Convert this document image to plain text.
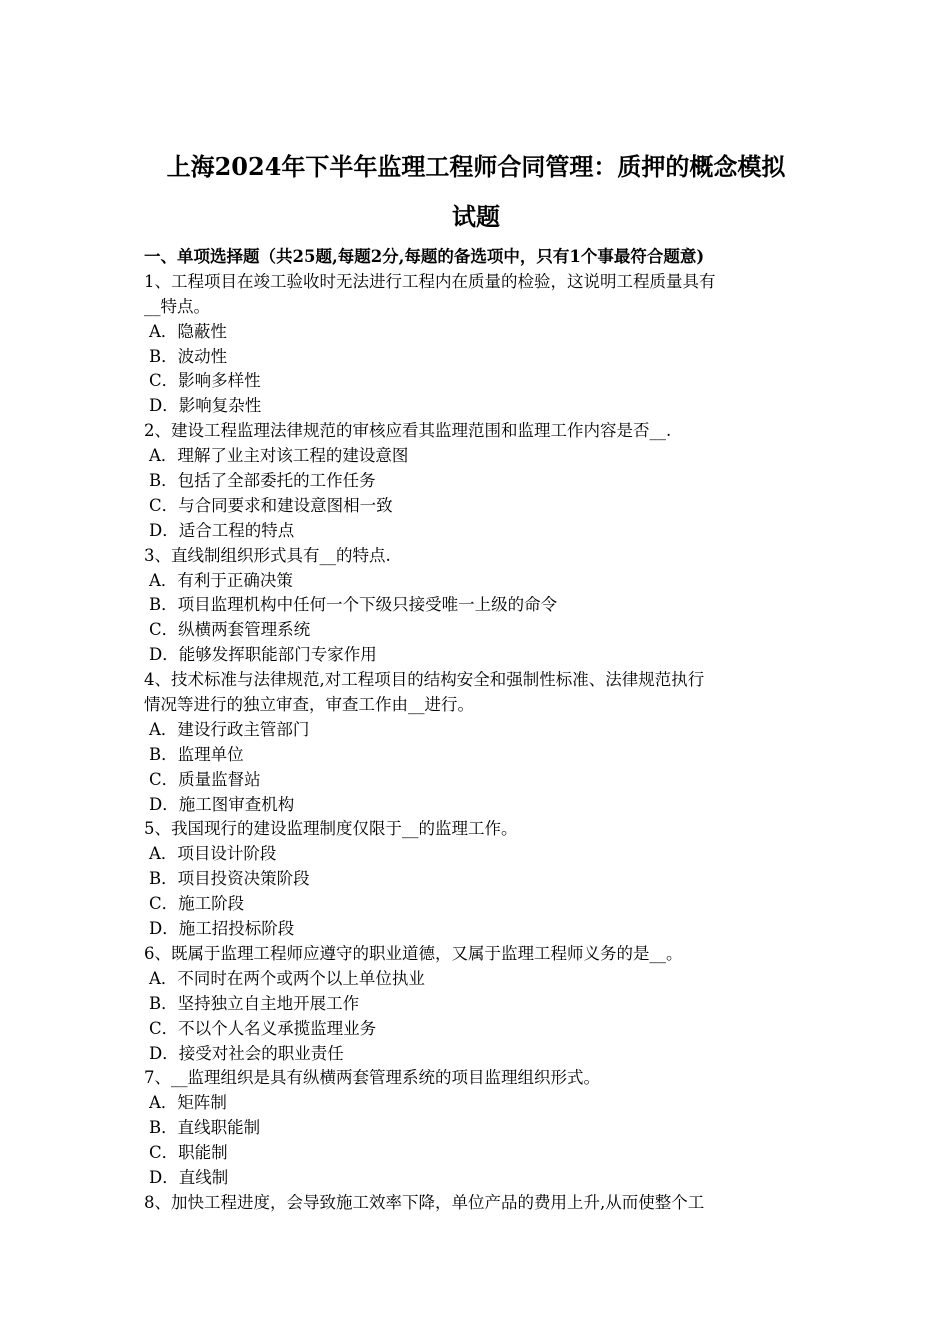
上海2024年下半年监理工程师合同管理：质押的概念模拟
试题
一、单项选择题（共25题,每题2分,每题的备选项中，只有1个事最符合题意)
1、工程项目在竣工验收时无法进行工程内在质量的检验，这说明工程质量具有
__特点。
A．隐蔽性
B．波动性
C．影响多样性
D．影响复杂性
2、建设工程监理法律规范的审核应看其监理范围和监理工作内容是否__.
A．理解了业主对该工程的建设意图
B．包括了全部委托的工作任务
C．与合同要求和建设意图相一致
D．适合工程的特点
3、直线制组织形式具有__的特点.
A．有利于正确决策
B．项目监理机构中任何一个下级只接受唯一上级的命令
C．纵横两套管理系统
D．能够发挥职能部门专家作用
4、技术标准与法律规范,对工程项目的结构安全和强制性标准、法律规范执行
情况等进行的独立审查，审查工作由__进行。
A．建设行政主管部门
B．监理单位
C．质量监督站
D．施工图审查机构
5、我国现行的建设监理制度仅限于__的监理工作。
A．项目设计阶段
B．项目投资决策阶段
C．施工阶段
D．施工招投标阶段
6、既属于监理工程师应遵守的职业道德，又属于监理工程师义务的是__。
A．不同时在两个或两个以上单位执业
B．坚持独立自主地开展工作
C．不以个人名义承揽监理业务
D．接受对社会的职业责任
7、__监理组织是具有纵横两套管理系统的项目监理组织形式。
A．矩阵制
B．直线职能制
C．职能制
D．直线制
8、加快工程进度，会导致施工效率下降，单位产品的费用上升,从而使整个工
